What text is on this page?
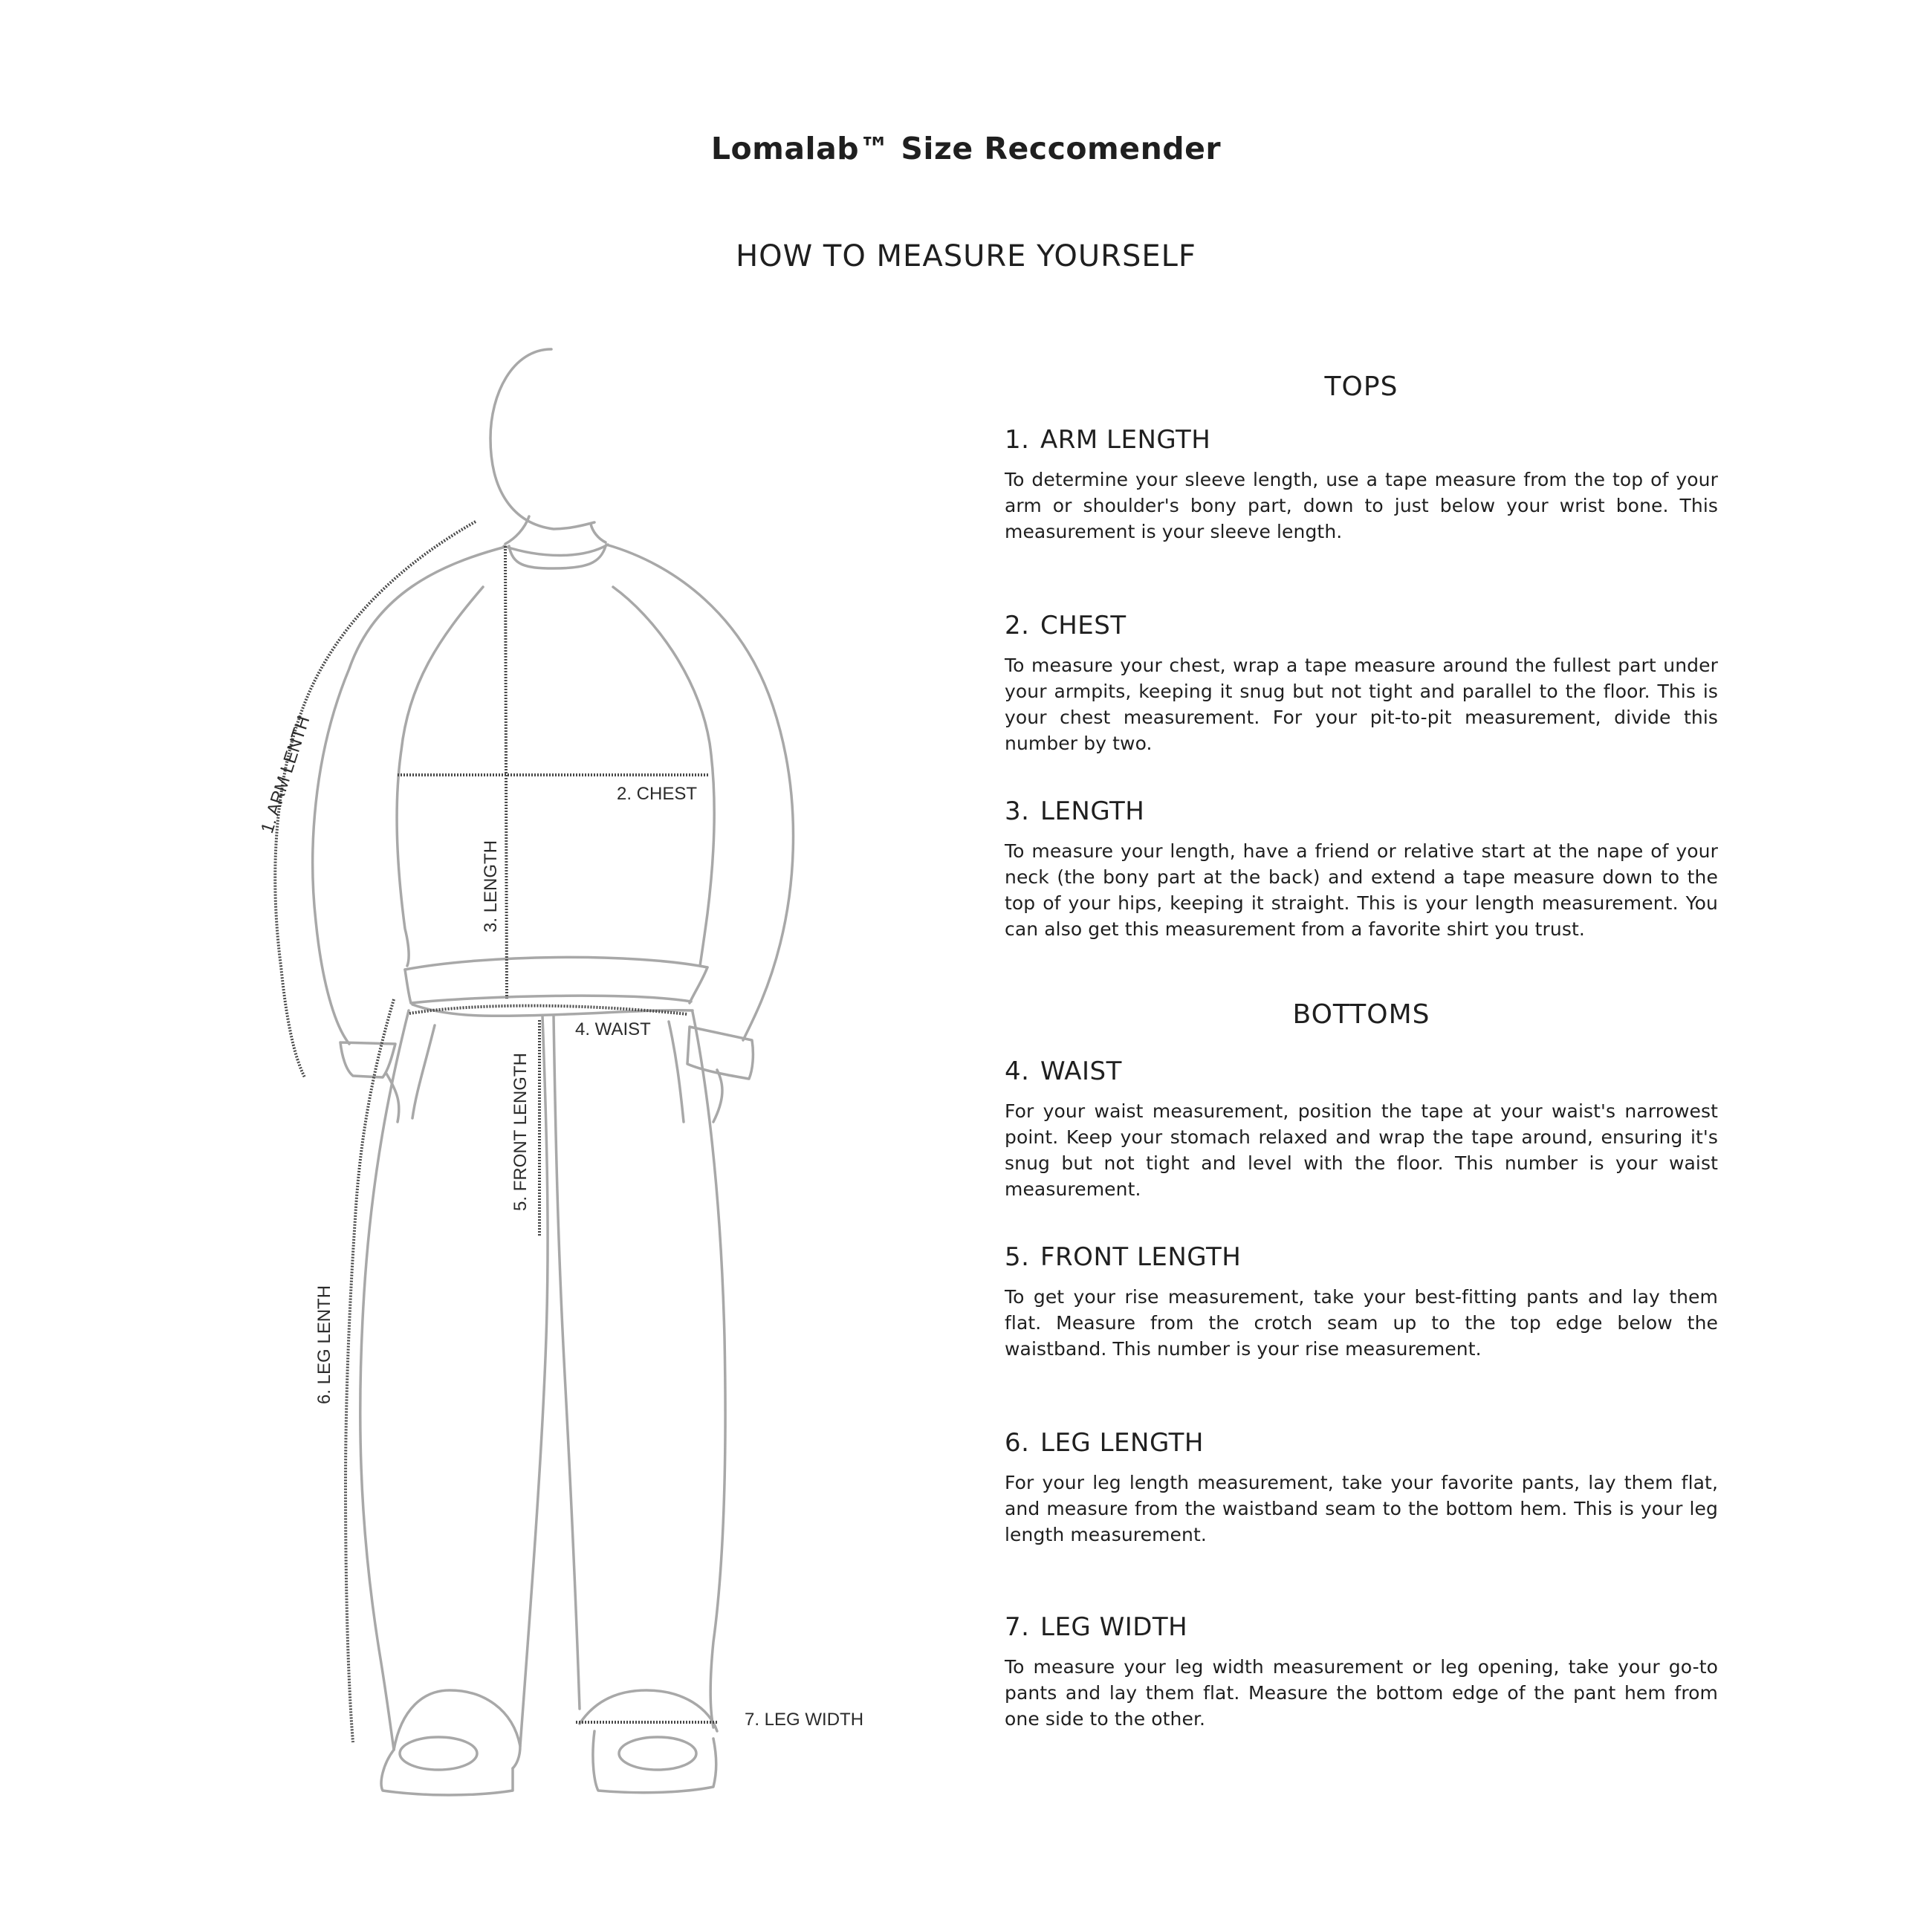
Lomalab™ Size Reccomender
HOW TO MEASURE YOURSELF
1. ARM LENTH	2. CHEST
3. LENGTH
4. WAIST
5. FRONT LENGTH
6. LEG LENTH
7. LEG WIDTH
TOPS
1. ARM LENGTH

To determine your sleeve length, use a tape measure from the top of your arm or shoulder's bony part, down to just below your wrist bone. This measurement is your sleeve length.

2. CHEST

To measure your chest, wrap a tape measure around the fullest part under your armpits, keeping it snug but not tight and parallel to the floor. This is your chest measurement. For your pit-to-pit measurement, divide this number by two.

3. LENGTH

To measure your length, have a friend or relative start at the nape of your neck (the bony part at the back) and extend a tape measure down to the top of your hips, keeping it straight. This is your length measurement. You can also get this measurement from a favorite shirt you trust.

BOTTOMS
4. WAIST

For your waist measurement, position the tape at your waist's narrowest point. Keep your stomach relaxed and wrap the tape around, ensuring it's snug but not tight and level with the floor. This number is your waist measurement.

5. FRONT LENGTH

To get your rise measurement, take your best-fitting pants and lay them flat. Measure from the crotch seam up to the top edge below the waistband. This number is your rise measurement.

6. LEG LENGTH

For your leg length measurement, take your favorite pants, lay them flat, and measure from the waistband seam to the bottom hem. This is your leg length measurement.

7. LEG WIDTH

To measure your leg width measurement or leg opening, take your go-to pants and lay them flat. Measure the bottom edge of the pant hem from one side to the other.
